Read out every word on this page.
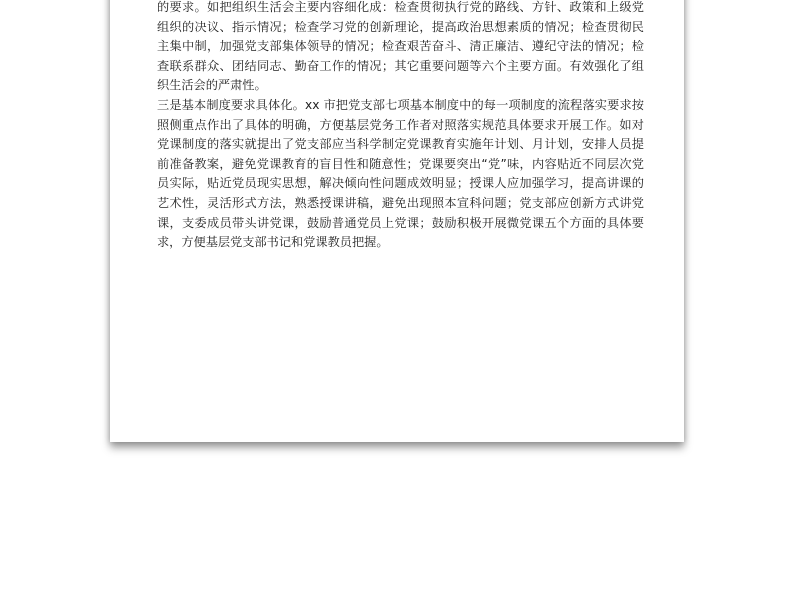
的要求。如把组织生活会主要内容细化成：检查贯彻执行党的路线、方针、政策和上级党组织的决议、指示情况；检查学习党的创新理论，提高政治思想素质的情况；检查贯彻民主集中制，加强党支部集体领导的情况；检查艰苦奋斗、清正廉洁、遵纪守法的情况；检查联系群众、团结同志、勤奋工作的情况；其它重要问题等六个主要方面。有效强化了组织生活会的严肃性。

三是基本制度要求具体化。xx 市把党支部七项基本制度中的每一项制度的流程落实要求按照侧重点作出了具体的明确，方便基层党务工作者对照落实规范具体要求开展工作。如对党课制度的落实就提出了党支部应当科学制定党课教育实施年计划、月计划，安排人员提前准备教案，避免党课教育的盲目性和随意性；党课要突出“党”味，内容贴近不同层次党员实际，贴近党员现实思想，解决倾向性问题成效明显；授课人应加强学习，提高讲课的艺术性，灵活形式方法，熟悉授课讲稿，避免出现照本宣科问题；党支部应创新方式讲党课，支委成员带头讲党课，鼓励普通党员上党课；鼓励积极开展微党课五个方面的具体要求，方便基层党支部书记和党课教员把握。
